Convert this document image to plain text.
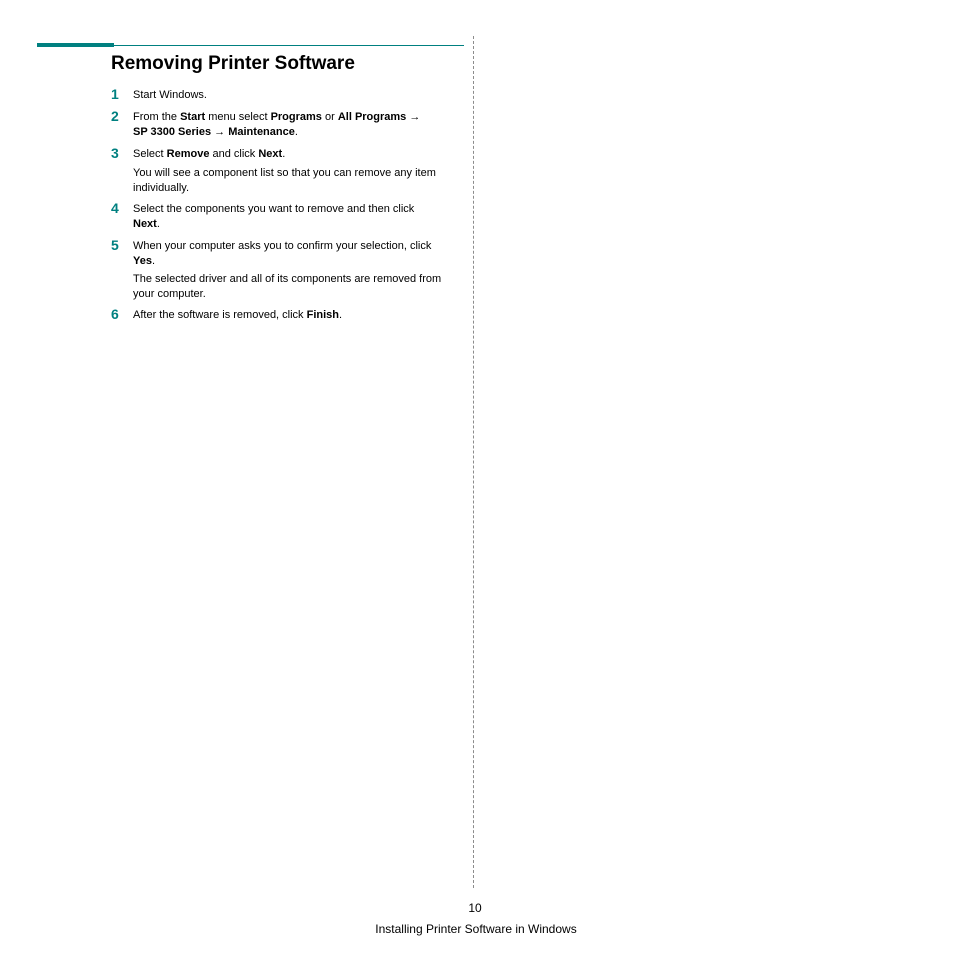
Removing Printer Software
1 Start Windows.
2 From the Start menu select Programs or All Programs →
SP 3300 Series → Maintenance.
3 Select Remove and click Next.
You will see a component list so that you can remove any item
individually.
4 Select the components you want to remove and then click
Next.
5 When your computer asks you to confirm your selection, click
Yes.
The selected driver and all of its components are removed from
your computer.
6 After the software is removed, click Finish.
10
Installing Printer Software in Windows
